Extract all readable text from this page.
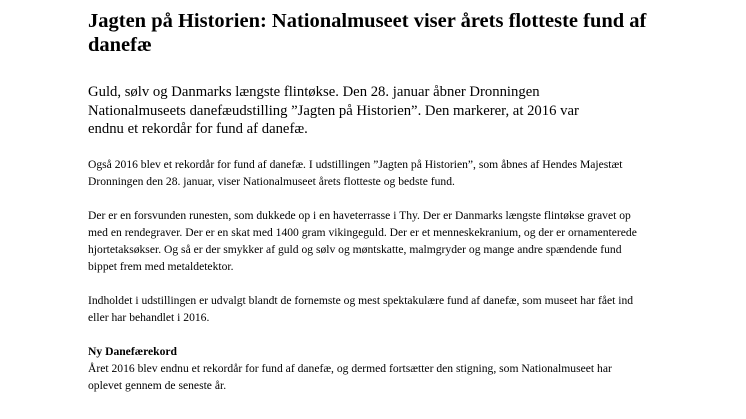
Jagten på Historien: Nationalmuseet viser årets flotteste fund af danefæ

Guld, sølv og Danmarks længste flintøkse. Den 28. januar åbner Dronningen Nationalmuseets danefæudstilling ”Jagten på Historien”. Den markerer, at 2016 var endnu et rekordår for fund af danefæ.

Også 2016 blev et rekordår for fund af danefæ. I udstillingen ”Jagten på Historien”, som åbnes af Hendes Majestæt Dronningen den 28. januar, viser Nationalmuseet årets flotteste og bedste fund.

Der er en forsvunden runesten, som dukkede op i en haveterrasse i Thy. Der er Danmarks længste flintøkse gravet op med en rendegraver. Der er en skat med 1400 gram vikingeguld. Der er et menneskekranium, og der er ornamenterede hjortetaksøkser. Og så er der smykker af guld og sølv og møntskatte, malmgryder og mange andre spændende fund bippet frem med metaldetektor.

Indholdet i udstillingen er udvalgt blandt de fornemste og mest spektakulære fund af danefæ, som museet har fået ind eller har behandlet i 2016.

Ny Danefærekord

Året 2016 blev endnu et rekordår for fund af danefæ, og dermed fortsætter den stigning, som Nationalmuseet har oplevet gennem de seneste år.
